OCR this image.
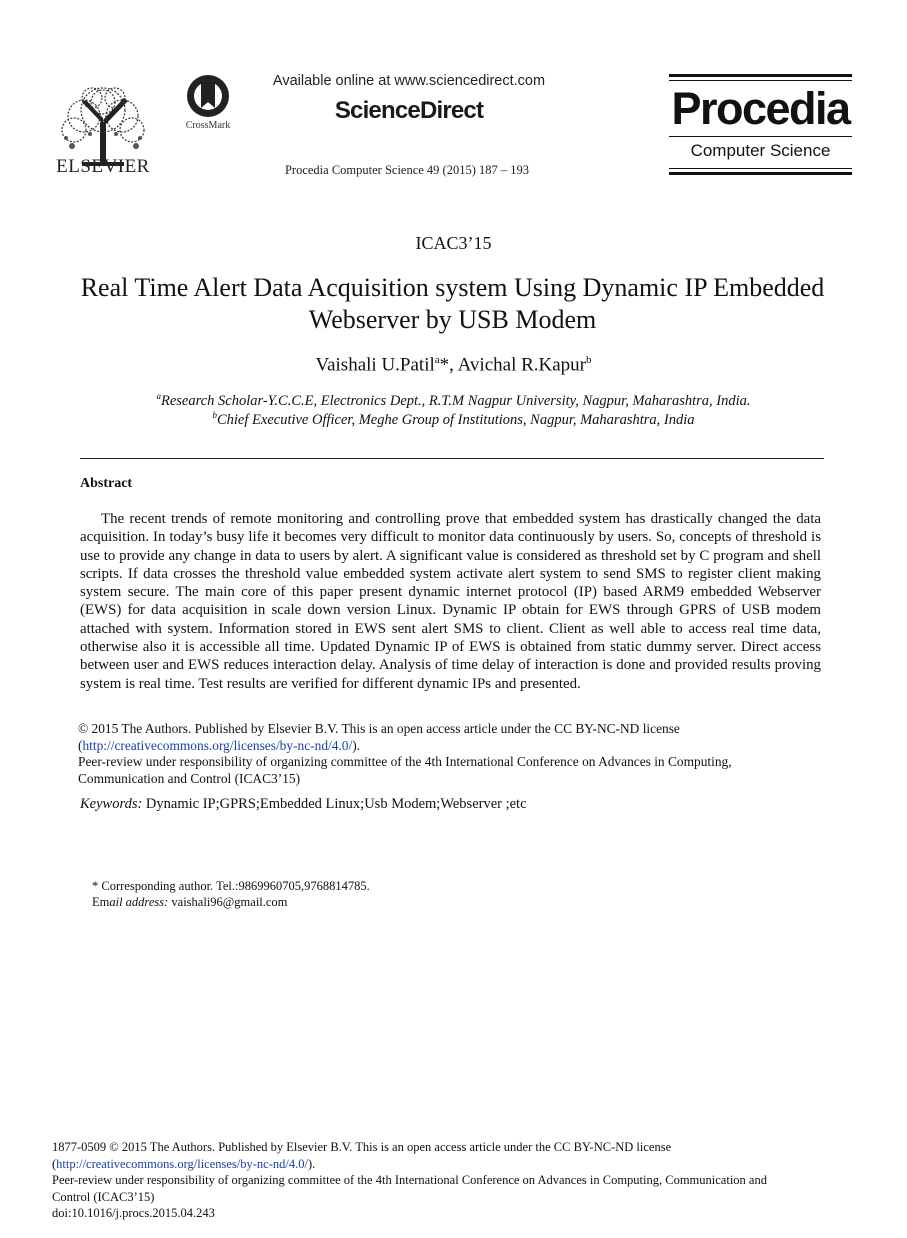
ELSEVIER
CrossMark
Available online at www.sciencedirect.com
ScienceDirect
Procedia Computer Science 49 (2015) 187 – 193
Procedia
Computer Science
ICAC3’15
Real Time Alert Data Acquisition system Using Dynamic IP Embedded Webserver by USB Modem
Vaishali U.Patil$^a$*, Avichal R.Kapur$^b$
$^a$Research Scholar-Y.C.C.E, Electronics Dept., R.T.M Nagpur University, Nagpur, Maharashtra, India.
$^b$Chief Executive Officer, Meghe Group of Institutions, Nagpur, Maharashtra, India
Abstract
The recent trends of remote monitoring and controlling prove that embedded system has drastically changed the data acquisition. In today’s busy life it becomes very difficult to monitor data continuously by users. So, concepts of threshold is use to provide any change in data to users by alert. A significant value is considered as threshold set by C program and shell scripts. If data crosses the threshold value embedded system activate alert system to send SMS to register client making system secure. The main core of this paper present dynamic internet protocol (IP) based ARM9 embedded Webserver (EWS) for data acquisition in scale down version Linux. Dynamic IP obtain for EWS through GPRS of USB modem attached with system. Information stored in EWS sent alert SMS to client. Client as well able to access real time data, otherwise also it is accessible all time. Updated Dynamic IP of EWS is obtained from static dummy server. Direct access between user and EWS reduces interaction delay. Analysis of time delay of interaction is done and provided results proving system is real time. Test results are verified for different dynamic IPs and presented.
© 2015 The Authors. Published by Elsevier B.V. This is an open access article under the CC BY-NC-ND license
(http://creativecommons.org/licenses/by-nc-nd/4.0/).
Peer-review under responsibility of organizing committee of the 4th International Conference on Advances in Computing,
Communication and Control (ICAC3’15)
Keywords: Dynamic IP;GPRS;Embedded Linux;Usb Modem;Webserver ;etc
* Corresponding author. Tel.:9869960705,9768814785.
Email address: vaishali96@gmail.com
1877-0509 © 2015 The Authors. Published by Elsevier B.V. This is an open access article under the CC BY-NC-ND license
(http://creativecommons.org/licenses/by-nc-nd/4.0/).
Peer-review under responsibility of organizing committee of the 4th International Conference on Advances in Computing, Communication and
Control (ICAC3’15)
doi:10.1016/j.procs.2015.04.243
